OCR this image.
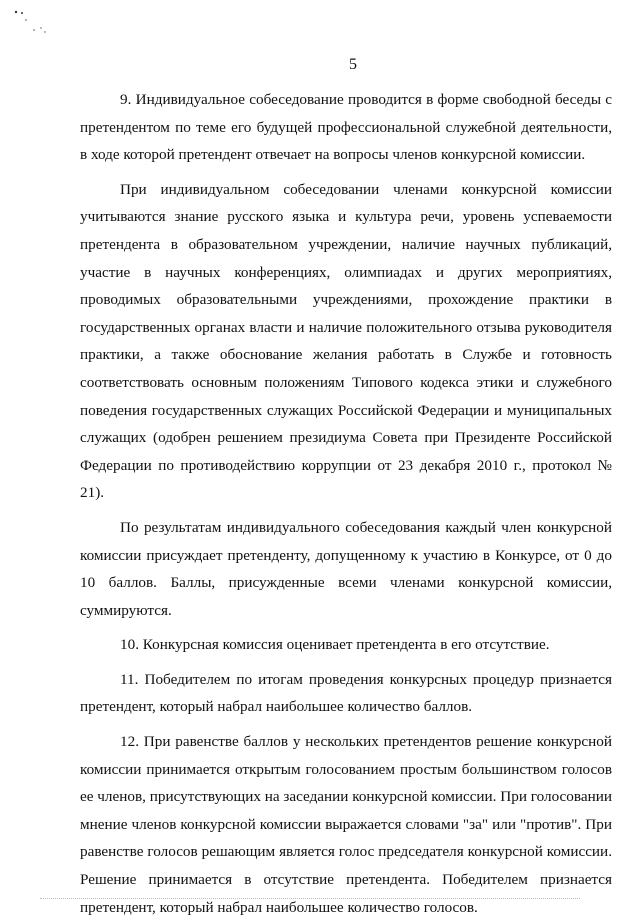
5

9. Индивидуальное собеседование проводится в форме свободной беседы с претендентом по теме его будущей профессиональной служебной деятельности, в ходе которой претендент отвечает на вопросы членов конкурсной комиссии.

При индивидуальном собеседовании членами конкурсной комиссии учитываются знание русского языка и культура речи, уровень успеваемости претендента в образовательном учреждении, наличие научных публикаций, участие в научных конференциях, олимпиадах и других мероприятиях, проводимых образовательными учреждениями, прохождение практики в государственных органах власти и наличие положительного отзыва руководителя практики, а также обоснование желания работать в Службе и готовность соответствовать основным положениям Типового кодекса этики и служебного поведения государственных служащих Российской Федерации и муниципальных служащих (одобрен решением президиума Совета при Президенте Российской Федерации по противодействию коррупции от 23 декабря 2010 г., протокол № 21).

По результатам индивидуального собеседования каждый член конкурсной комиссии присуждает претенденту, допущенному к участию в Конкурсе, от 0 до 10 баллов. Баллы, присужденные всеми членами конкурсной комиссии, суммируются.

10. Конкурсная комиссия оценивает претендента в его отсутствие.

11. Победителем по итогам проведения конкурсных процедур признается претендент, который набрал наибольшее количество баллов.

12. При равенстве баллов у нескольких претендентов решение конкурсной комиссии принимается открытым голосованием простым большинством голосов ее членов, присутствующих на заседании конкурсной комиссии. При голосовании мнение членов конкурсной комиссии выражается словами "за" или "против". При равенстве голосов решающим является голос председателя конкурсной комиссии. Решение принимается в отсутствие претендента. Победителем признается претендент, который набрал наибольшее количество голосов.
